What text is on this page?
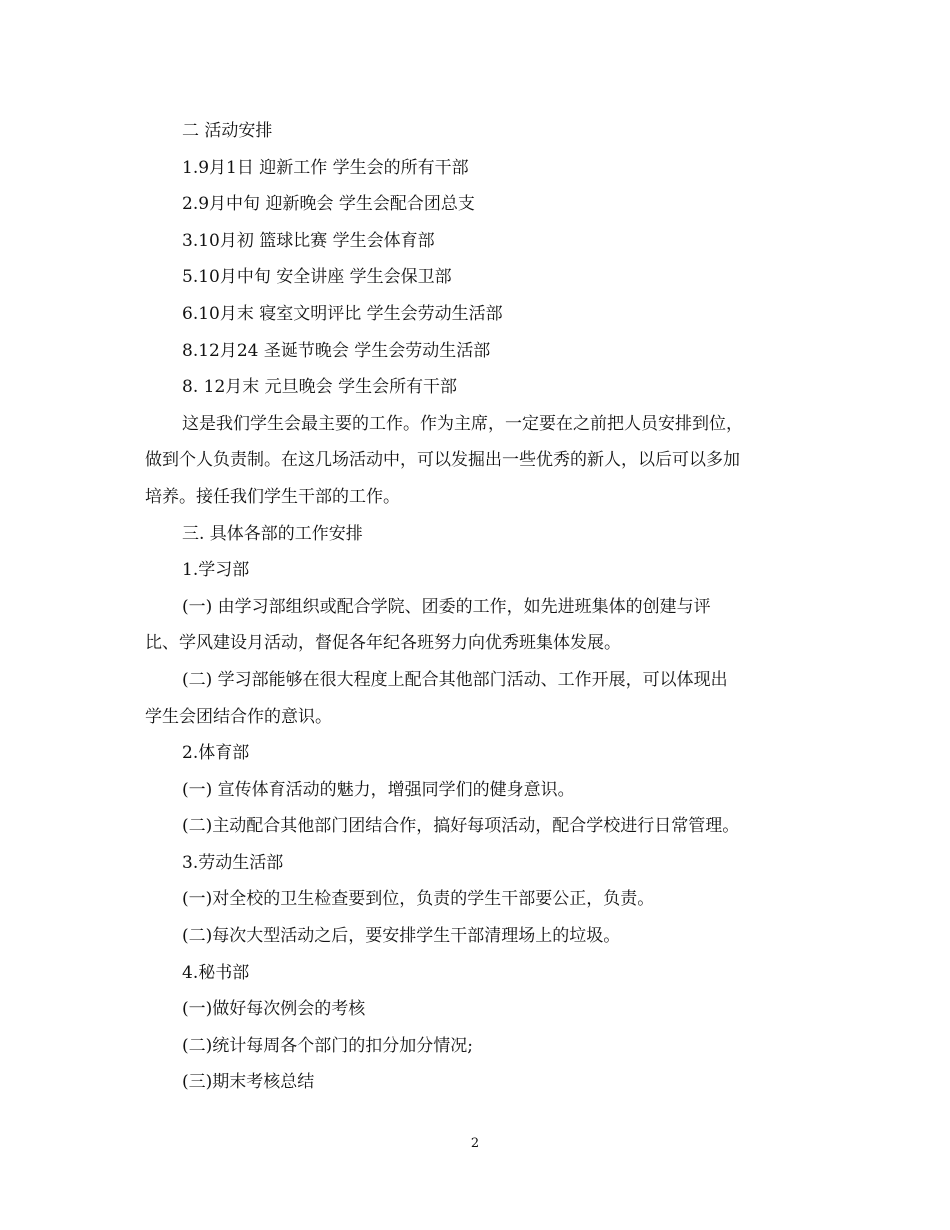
二 活动安排

1.9月1日 迎新工作 学生会的所有干部

2.9月中旬 迎新晚会 学生会配合团总支

3.10月初 篮球比赛 学生会体育部

5.10月中旬 安全讲座 学生会保卫部

6.10月末 寝室文明评比 学生会劳动生活部

8.12月24 圣诞节晚会 学生会劳动生活部

8. 12月末 元旦晚会 学生会所有干部

这是我们学生会最主要的工作。作为主席，一定要在之前把人员安排到位，

做到个人负责制。在这几场活动中，可以发掘出一些优秀的新人，以后可以多加

培养。接任我们学生干部的工作。

三. 具体各部的工作安排

1.学习部

(一) 由学习部组织或配合学院、团委的工作，如先进班集体的创建与评

比、学风建设月活动，督促各年纪各班努力向优秀班集体发展。

(二) 学习部能够在很大程度上配合其他部门活动、工作开展，可以体现出

学生会团结合作的意识。

2.体育部

(一) 宣传体育活动的魅力，增强同学们的健身意识。

(二)主动配合其他部门团结合作，搞好每项活动，配合学校进行日常管理。

3.劳动生活部

(一)对全校的卫生检查要到位，负责的学生干部要公正，负责。

(二)每次大型活动之后，要安排学生干部清理场上的垃圾。

4.秘书部

(一)做好每次例会的考核

(二)统计每周各个部门的扣分加分情况;

(三)期末考核总结

2
